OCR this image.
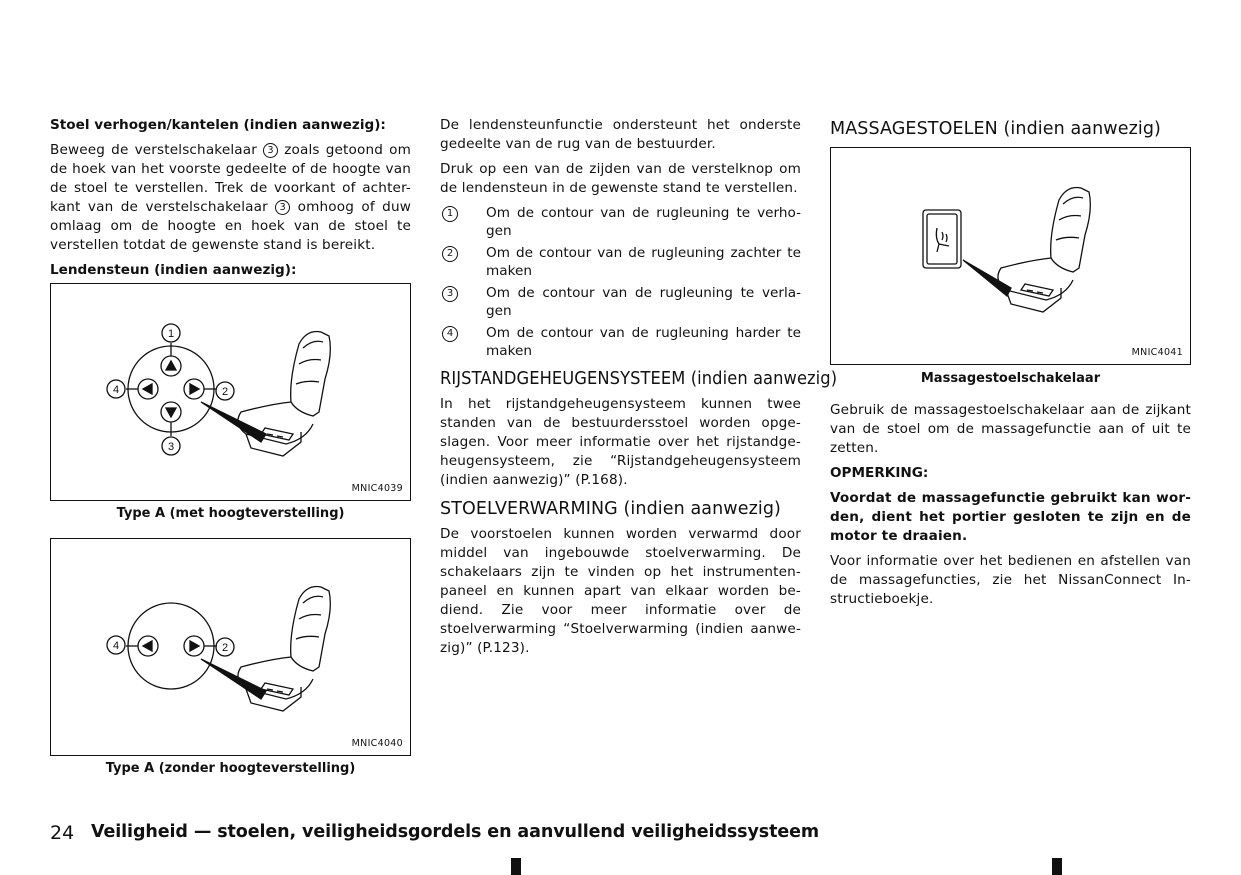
Stoel verhogen/kantelen (indien aanwezig):

Beweeg de verstelschakelaar 3 zoals getoond om de hoek van het voorste gedeelte of de hoogte van de stoel te verstellen. Trek de voorkant of achter-kant van de verstelschakelaar 3 omhoog of duw omlaag om de hoogte en hoek van de stoel te verstellen totdat de gewenste stand is bereikt.

Lendensteun (indien aanwezig):
1
2
3
4
MNIC4039
Type A (met hoogteverstelling)
4	2
MNIC4040
Type A (zonder hoogteverstelling)

De lendensteunfunctie ondersteunt het onderste gedeelte van de rug van de bestuurder.

Druk op een van de zijden van de verstelknop om de lendensteun in de gewenste stand te verstellen.

1	Om de contour van de rugleuning te verho-gen
2	Om de contour van de rugleuning zachter te maken
3	Om de contour van de rugleuning te verla-gen
4	Om de contour van de rugleuning harder te maken
RIJSTANDGEHEUGENSYSTEEM (indien aanwezig)

In het rijstandgeheugensysteem kunnen twee standen van de bestuurdersstoel worden opge-slagen. Voor meer informatie over het rijstandge-heugensysteem, zie “Rijstandgeheugensysteem (indien aanwezig)” (P.168).

STOELVERWARMING (indien aanwezig)

De voorstoelen kunnen worden verwarmd door middel van ingebouwde stoelverwarming. De schakelaars zijn te vinden op het instrumenten-paneel en kunnen apart van elkaar worden be-diend. Zie voor meer informatie over de stoelverwarming “Stoelverwarming (indien aanwe-zig)” (P.123).

MASSAGESTOELEN (indien aanwezig)
MNIC4041
Massagestoelschakelaar

Gebruik de massagestoelschakelaar aan de zijkant van de stoel om de massagefunctie aan of uit te zetten.

OPMERKING:

Voordat de massagefunctie gebruikt kan wor-den, dient het portier gesloten te zijn en de motor te draaien.

Voor informatie over het bedienen en afstellen van de massagefuncties, zie het NissanConnect In-structieboekje.

24 Veiligheid — stoelen, veiligheidsgordels en aanvullend veiligheidssysteem
